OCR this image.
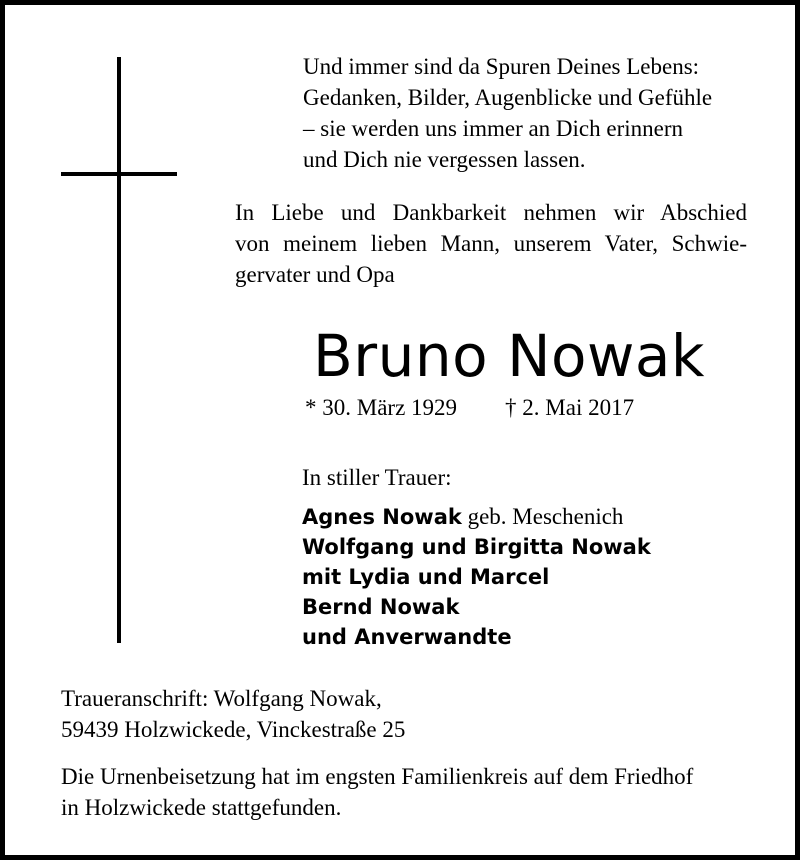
Und immer sind da Spuren Deines Lebens:
Gedanken, Bilder, Augenblicke und Gefühle
– sie werden uns immer an Dich erinnern
und Dich nie vergessen lassen.
In Liebe und Dankbarkeit nehmen wir Abschied
von meinem lieben Mann, unserem Vater, Schwie-
gervater und Opa
Bruno Nowak
* 30. März 1929 † 2. Mai 2017
In stiller Trauer:
Agnes Nowak geb. Meschenich
Wolfgang und Birgitta Nowak
mit Lydia und Marcel
Bernd Nowak
und Anverwandte
Traueranschrift: Wolfgang Nowak,
59439 Holzwickede, Vinckestraße 25
Die Urnenbeisetzung hat im engsten Familienkreis auf dem Friedhof
in Holzwickede stattgefunden.
